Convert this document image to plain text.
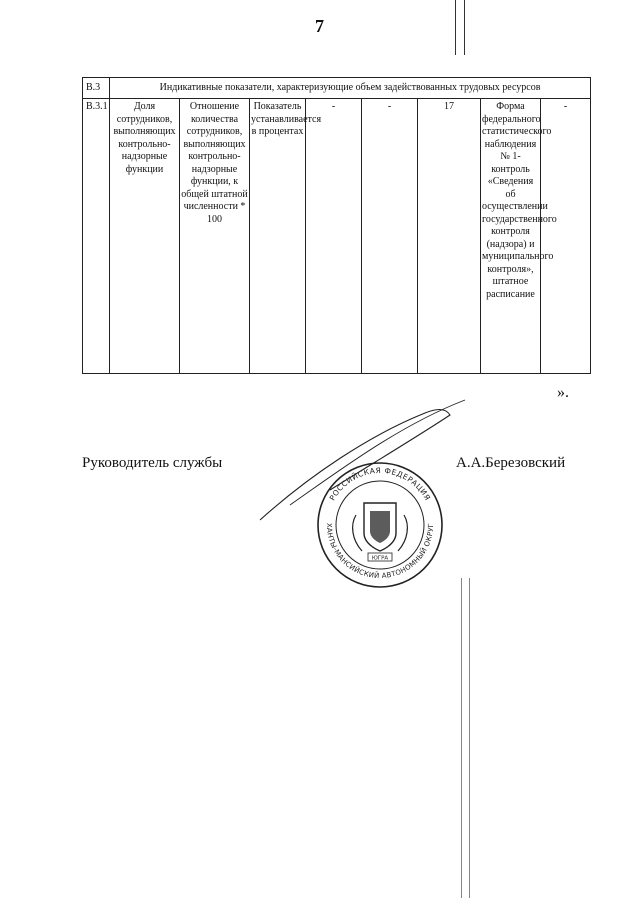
7
В.3	Индикативные показатели, характеризующие объем задействованных трудовых ресурсов							
В.3.1	Доля сотрудников, выполняющих контрольно-надзорные функции	Отношение количества сотрудников, выполняющих контрольно-надзорные функции, к общей штатной численности * 100	Показатель устанавливается в процентах	-	-	17	Форма федерального статистического наблюдения № 1-контроль «Сведения об осуществлении государственного контроля (надзора) и муниципального контроля», штатное расписание	-
».
Руководитель службы	А.А.Березовский
РОССИЙСКАЯ ФЕДЕРАЦИЯ
ХАНТЫ-МАНСИЙСКИЙ АВТОНОМНЫЙ ОКРУГ
ЮГРА
